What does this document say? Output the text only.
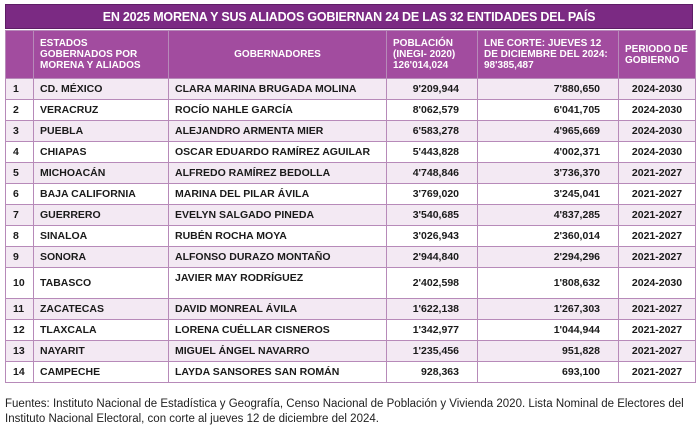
EN 2025 MORENA Y SUS ALIADOS GOBIERNAN 24 DE LAS 32 ENTIDADES DEL PAÍS
	ESTADOS GOBERNADOS POR MORENA Y ALIADOS	GOBERNADORES	POBLACIÓN (INEGI- 2020) 126'014,024	LNE CORTE: JUEVES 12 DE DICIEMBRE DEL 2024: 98'385,487	PERIODO DE GOBIERNO
1	CD. MÉXICO	CLARA MARINA BRUGADA MOLINA	9'209,944	7'880,650	2024-2030
2	VERACRUZ	ROCÍO NAHLE GARCÍA	8'062,579	6'041,705	2024-2030
3	PUEBLA	ALEJANDRO ARMENTA MIER	6'583,278	4'965,669	2024-2030
4	CHIAPAS	OSCAR EDUARDO RAMÍREZ AGUILAR	5'443,828	4'002,371	2024-2030
5	MICHOACÁN	ALFREDO RAMÍREZ BEDOLLA	4'748,846	3'736,370	2021-2027
6	BAJA CALIFORNIA	MARINA DEL PILAR ÁVILA	3'769,020	3'245,041	2021-2027
7	GUERRERO	EVELYN SALGADO PINEDA	3'540,685	4'837,285	2021-2027
8	SINALOA	RUBÉN ROCHA MOYA	3'026,943	2'360,014	2021-2027
9	SONORA	ALFONSO DURAZO MONTAÑO	2'944,840	2'294,296	2021-2027
10	TABASCO	JAVIER MAY RODRÍGUEZ	2'402,598	1'808,632	2024-2030
11	ZACATECAS	DAVID MONREAL ÁVILA	1'622,138	1'267,303	2021-2027
12	TLAXCALA	LORENA CUÉLLAR CISNEROS	1'342,977	1'044,944	2021-2027
13	NAYARIT	MIGUEL ÁNGEL NAVARRO	1'235,456	951,828	2021-2027
14	CAMPECHE	LAYDA SANSORES SAN ROMÁN	928,363	693,100	2021-2027
Fuentes: Instituto Nacional de Estadística y Geografía, Censo Nacional de Población y Vivienda 2020. Lista Nominal de Electores del Instituto Nacional Electoral, con corte al jueves 12 de diciembre del 2024.
